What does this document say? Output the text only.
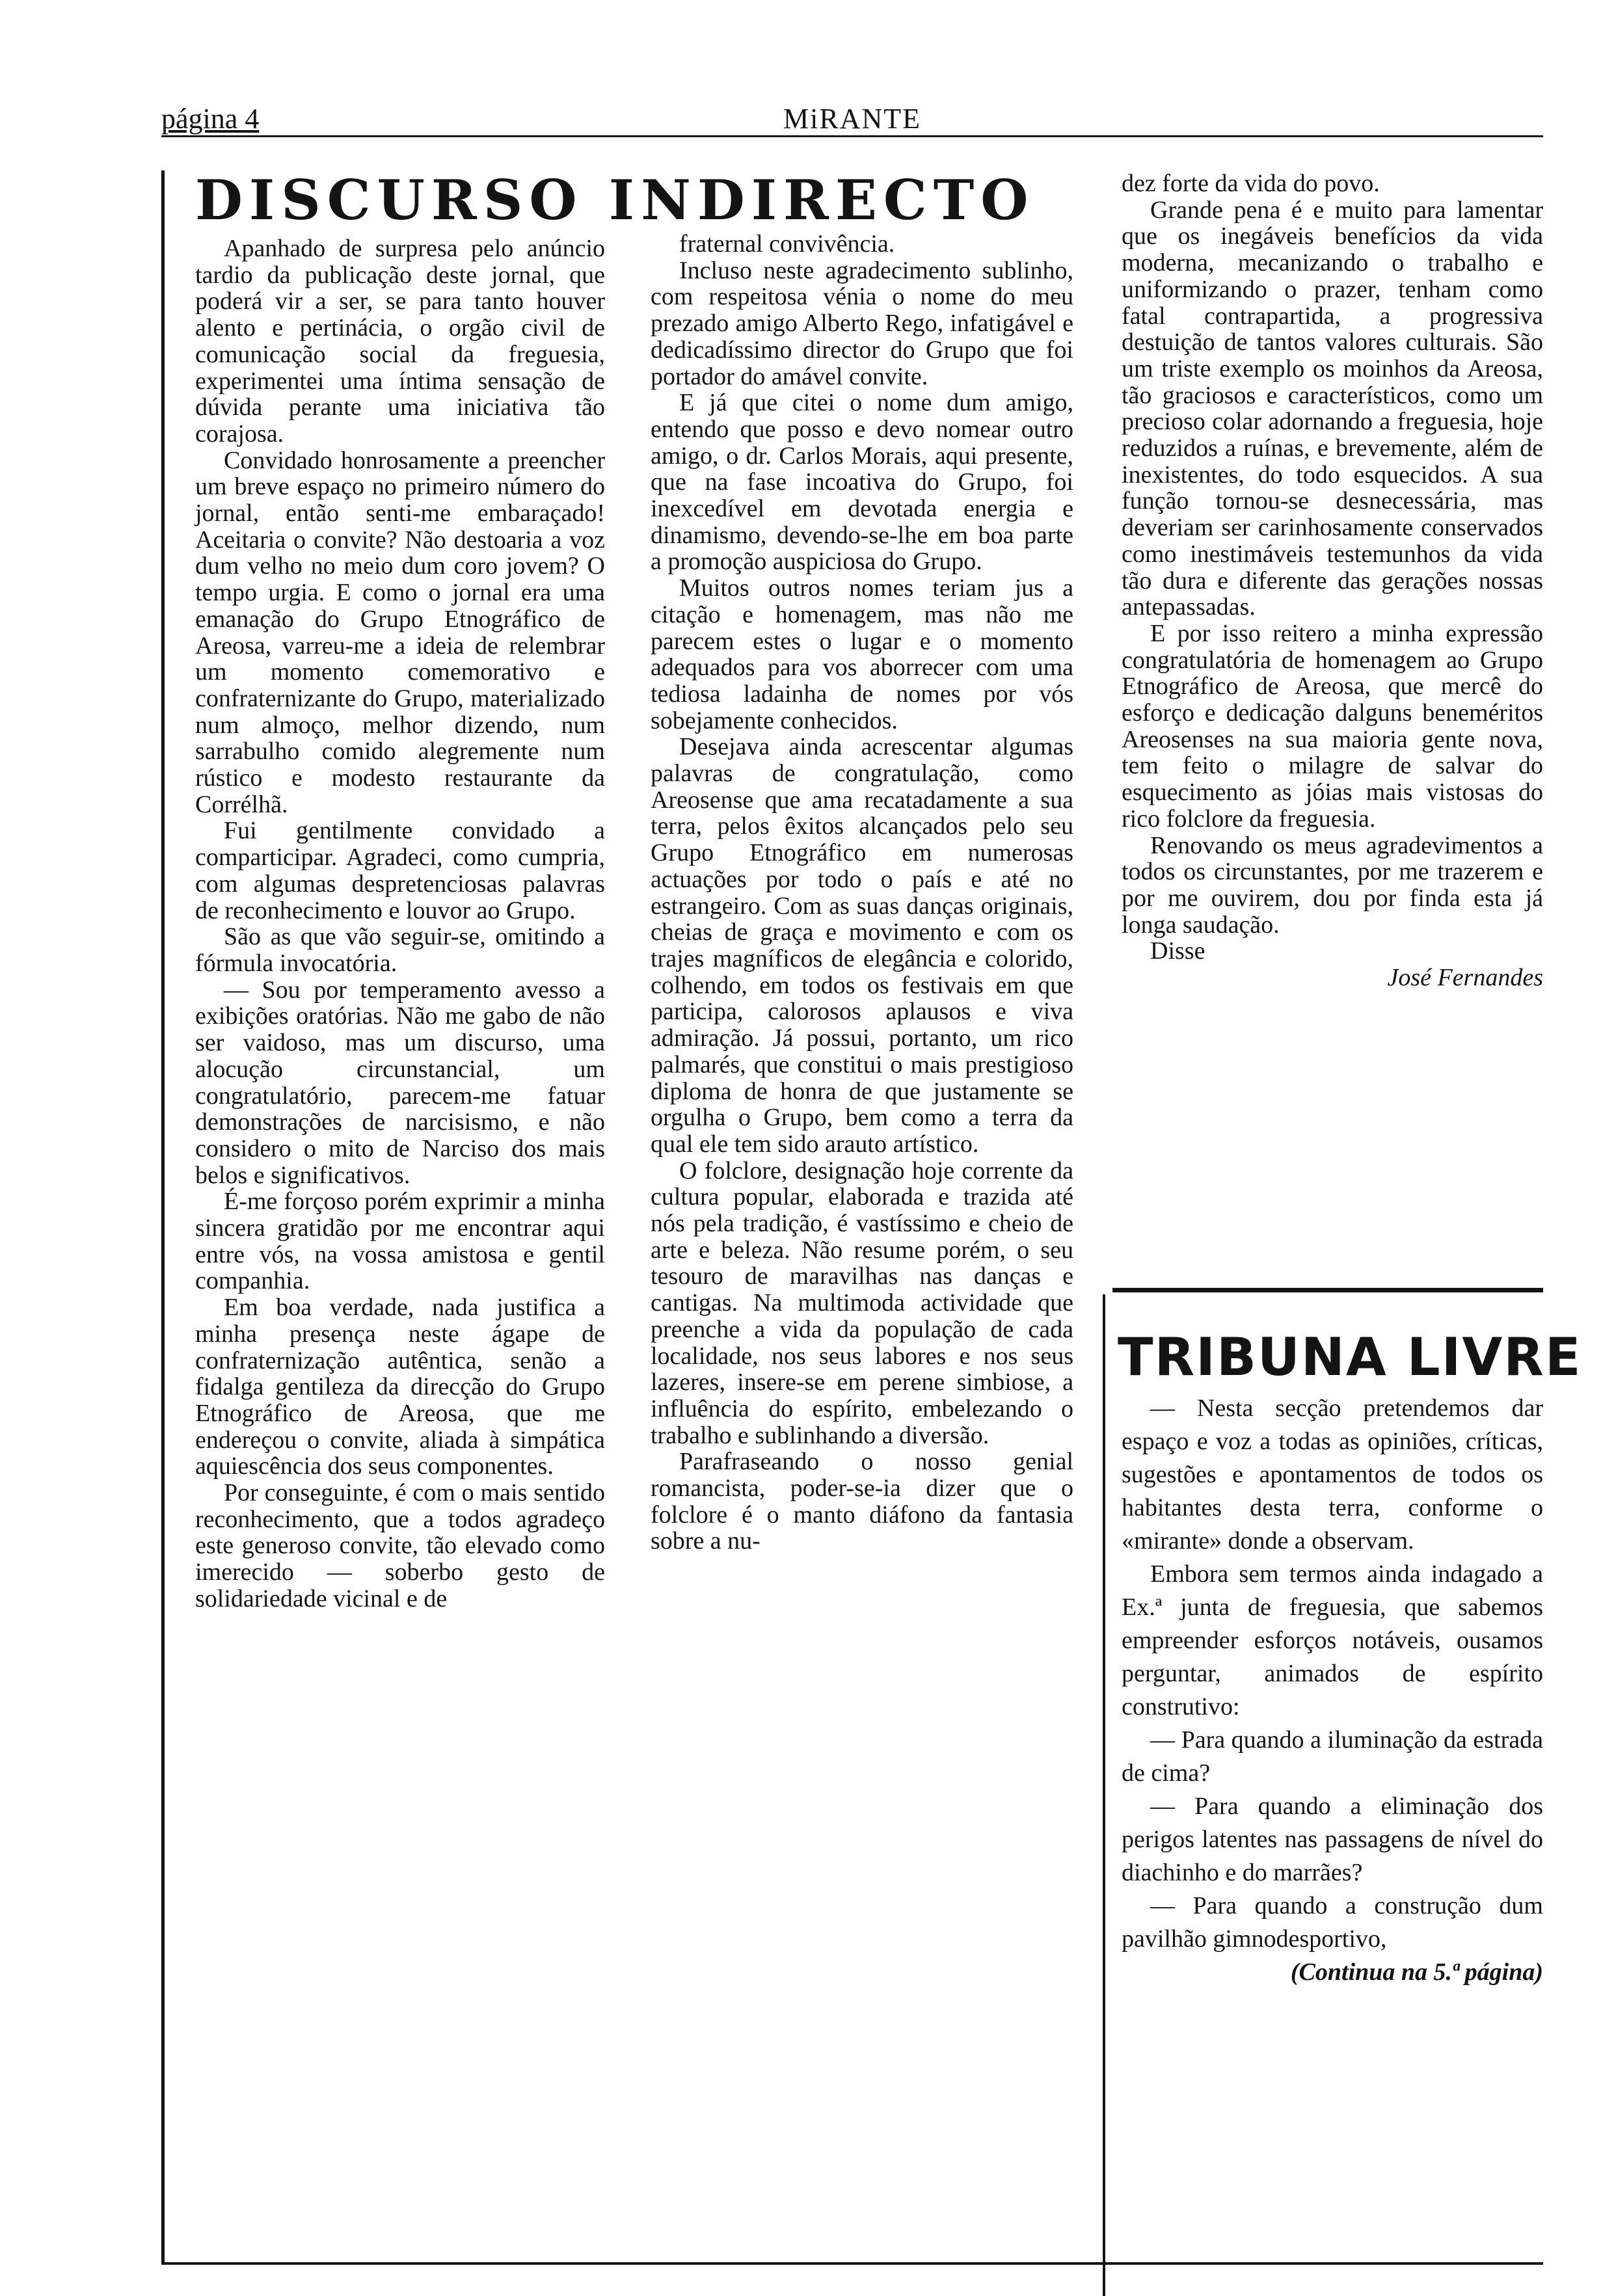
página 4	MiRANTE
DISCURSO INDIRECTO

Apanhado de surpresa pelo anúncio tardio da publicação deste jornal, que poderá vir a ser, se para tanto houver alento e pertinácia, o orgão civil de comunicação social da freguesia, experimentei uma íntima sensação de dúvida perante uma iniciativa tão corajosa.

Convidado honrosamente a preencher um breve espaço no primeiro número do jornal, então senti-me embaraçado! Aceitaria o convite? Não destoaria a voz dum velho no meio dum coro jovem? O tempo urgia. E como o jornal era uma emanação do Grupo Etnográfico de Areosa, varreu-me a ideia de relembrar um momento comemorativo e confraternizante do Grupo, materializado num almoço, melhor dizendo, num sarrabulho comido alegremente num rústico e modesto restaurante da Corrélhã.

Fui gentilmente convidado a comparticipar. Agradeci, como cumpria, com algumas despretenciosas palavras de reconhecimento e louvor ao Grupo.

São as que vão seguir-se, omitindo a fórmula invocatória.

— Sou por temperamento avesso a exibições oratórias. Não me gabo de não ser vaidoso, mas um discurso, uma alocução circunstancial, um congratulatório, parecem-me fatuar demonstrações de narcisismo, e não considero o mito de Narciso dos mais belos e significativos.

É-me forçoso porém exprimir a minha sincera gratidão por me encontrar aqui entre vós, na vossa amistosa e gentil companhia.

Em boa verdade, nada justifica a minha presença neste ágape de confraternização autêntica, senão a fidalga gentileza da direcção do Grupo Etnográfico de Areosa, que me endereçou o convite, aliada à simpática aquiescência dos seus componentes.

Por conseguinte, é com o mais sentido reconhecimento, que a todos agradeço este generoso convite, tão elevado como imerecido — soberbo gesto de solidariedade vicinal e de

fraternal convivência.

Incluso neste agradecimento sublinho, com respeitosa vénia o nome do meu prezado amigo Alberto Rego, infatigável e dedicadíssimo director do Grupo que foi portador do amável convite.

E já que citei o nome dum amigo, entendo que posso e devo nomear outro amigo, o dr. Carlos Morais, aqui presente, que na fase incoativa do Grupo, foi inexcedível em devotada energia e dinamismo, devendo-se-lhe em boa parte a promoção auspiciosa do Grupo.

Muitos outros nomes teriam jus a citação e homenagem, mas não me parecem estes o lugar e o momento adequados para vos aborrecer com uma tediosa ladainha de nomes por vós sobejamente conhecidos.

Desejava ainda acrescentar algumas palavras de congratulação, como Areosense que ama recatadamente a sua terra, pelos êxitos alcançados pelo seu Grupo Etnográfico em numerosas actuações por todo o país e até no estrangeiro. Com as suas danças originais, cheias de graça e movimento e com os trajes magníficos de elegância e colorido, colhendo, em todos os festivais em que participa, calorosos aplausos e viva admiração. Já possui, portanto, um rico palmarés, que constitui o mais prestigioso diploma de honra de que justamente se orgulha o Grupo, bem como a terra da qual ele tem sido arauto artístico.

O folclore, designação hoje corrente da cultura popular, elaborada e trazida até nós pela tradição, é vastíssimo e cheio de arte e beleza. Não resume porém, o seu tesouro de maravilhas nas danças e cantigas. Na multimoda actividade que preenche a vida da população de cada localidade, nos seus labores e nos seus lazeres, insere-se em perene simbiose, a influência do espírito, embelezando o trabalho e sublinhando a diversão.

Parafraseando o nosso genial romancista, poder-se-ia dizer que o folclore é o manto diáfono da fantasia sobre a nu-

dez forte da vida do povo.

Grande pena é e muito para lamentar que os inegáveis benefícios da vida moderna, mecanizando o trabalho e uniformizando o prazer, tenham como fatal contrapartida, a progressiva destuição de tantos valores culturais. São um triste exemplo os moinhos da Areosa, tão graciosos e característicos, como um precioso colar adornando a freguesia, hoje reduzidos a ruínas, e brevemente, além de inexistentes, do todo esquecidos. A sua função tornou-se desnecessária, mas deveriam ser carinhosamente conservados como inestimáveis testemunhos da vida tão dura e diferente das gerações nossas antepassadas.

E por isso reitero a minha expressão congratulatória de homenagem ao Grupo Etnográfico de Areosa, que mercê do esforço e dedicação dalguns beneméritos Areosenses na sua maioria gente nova, tem feito o milagre de salvar do esquecimento as jóias mais vistosas do rico folclore da freguesia.

Renovando os meus agradevimentos a todos os circunstantes, por me trazerem e por me ouvirem, dou por finda esta já longa saudação.

Disse

José Fernandes

TRIBUNA LIVRE

— Nesta secção pretendemos dar espaço e voz a todas as opiniões, críticas, sugestões e apontamentos de todos os habitantes desta terra, conforme o «mirante» donde a observam.

Embora sem termos ainda indagado a Ex.ª junta de freguesia, que sabemos empreender esforços notáveis, ousamos perguntar, animados de espírito construtivo:

— Para quando a iluminação da estrada de cima?

— Para quando a eliminação dos perigos latentes nas passagens de nível do diachinho e do marrães?

— Para quando a construção dum pavilhão gimnodesportivo,

(Continua na 5.ª página)
